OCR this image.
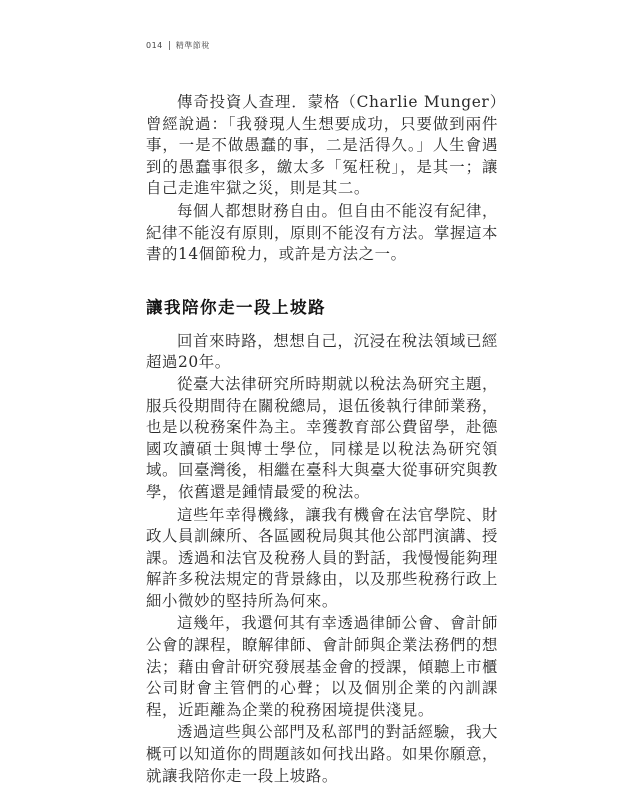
014 精準節稅

傳奇投資人查理．蒙格（Charlie Munger）曾經說過：「我發現人生想要成功，只要做到兩件事，一是不做愚蠢的事，二是活得久。」人生會遇到的愚蠢事很多，繳太多「冤枉稅」，是其一；讓自己走進牢獄之災，則是其二。

每個人都想財務自由。但自由不能沒有紀律，紀律不能沒有原則，原則不能沒有方法。掌握這本書的14個節稅力，或許是方法之一。

讓我陪你走一段上坡路

回首來時路，想想自己，沉浸在稅法領域已經超過20年。

從臺大法律研究所時期就以稅法為研究主題，服兵役期間待在關稅總局，退伍後執行律師業務，也是以稅務案件為主。幸獲教育部公費留學，赴德國攻讀碩士與博士學位，同樣是以稅法為研究領域。回臺灣後，相繼在臺科大與臺大從事研究與教學，依舊還是鍾情最愛的稅法。

這些年幸得機緣，讓我有機會在法官學院、財政人員訓練所、各區國稅局與其他公部門演講、授課。透過和法官及稅務人員的對話，我慢慢能夠理解許多稅法規定的背景緣由，以及那些稅務行政上細小微妙的堅持所為何來。

這幾年，我還何其有幸透過律師公會、會計師公會的課程，瞭解律師、會計師與企業法務們的想法；藉由會計研究發展基金會的授課，傾聽上市櫃公司財會主管們的心聲；以及個別企業的內訓課程，近距離為企業的稅務困境提供淺見。

透過這些與公部門及私部門的對話經驗，我大概可以知道你的問題該如何找出路。如果你願意，就讓我陪你走一段上坡路。
